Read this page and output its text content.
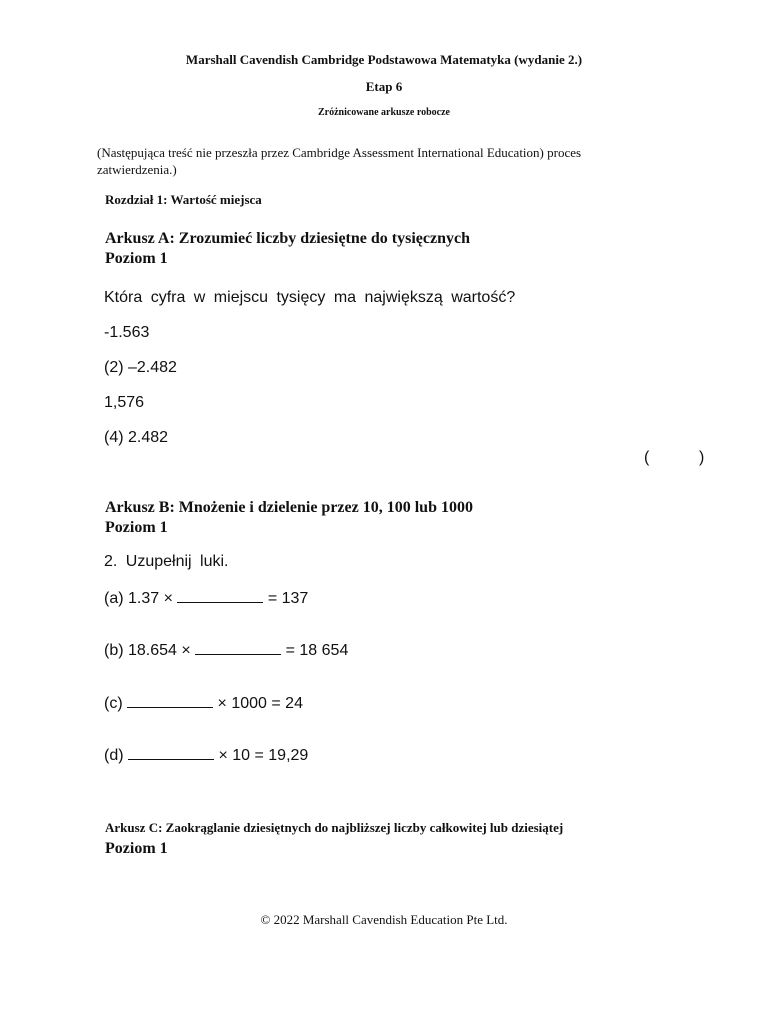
Marshall Cavendish Cambridge Podstawowa Matematyka (wydanie 2.)
Etap 6
Zróżnicowane arkusze robocze
(Następująca treść nie przeszła przez Cambridge Assessment International Education) proces zatwierdzenia.)
Rozdział 1: Wartość miejsca
Arkusz A: Zrozumieć liczby dziesiętne do tysięcznych
Poziom 1
Która cyfra w miejscu tysięcy ma największą wartość?
-1.563
(2) –2.482
1,576
(4) 2.482
(	)
Arkusz B: Mnożenie i dzielenie przez 10, 100 lub 1000
Poziom 1
2. Uzupełnij luki.
(a) 1.37 ×	= 137
(b) 18.654 ×	= 18 654
(c)	× 1000 = 24
(d)	× 10 = 19,29
Arkusz C: Zaokrąglanie dziesiętnych do najbliższej liczby całkowitej lub dziesiątej
Poziom 1
© 2022 Marshall Cavendish Education Pte Ltd.
